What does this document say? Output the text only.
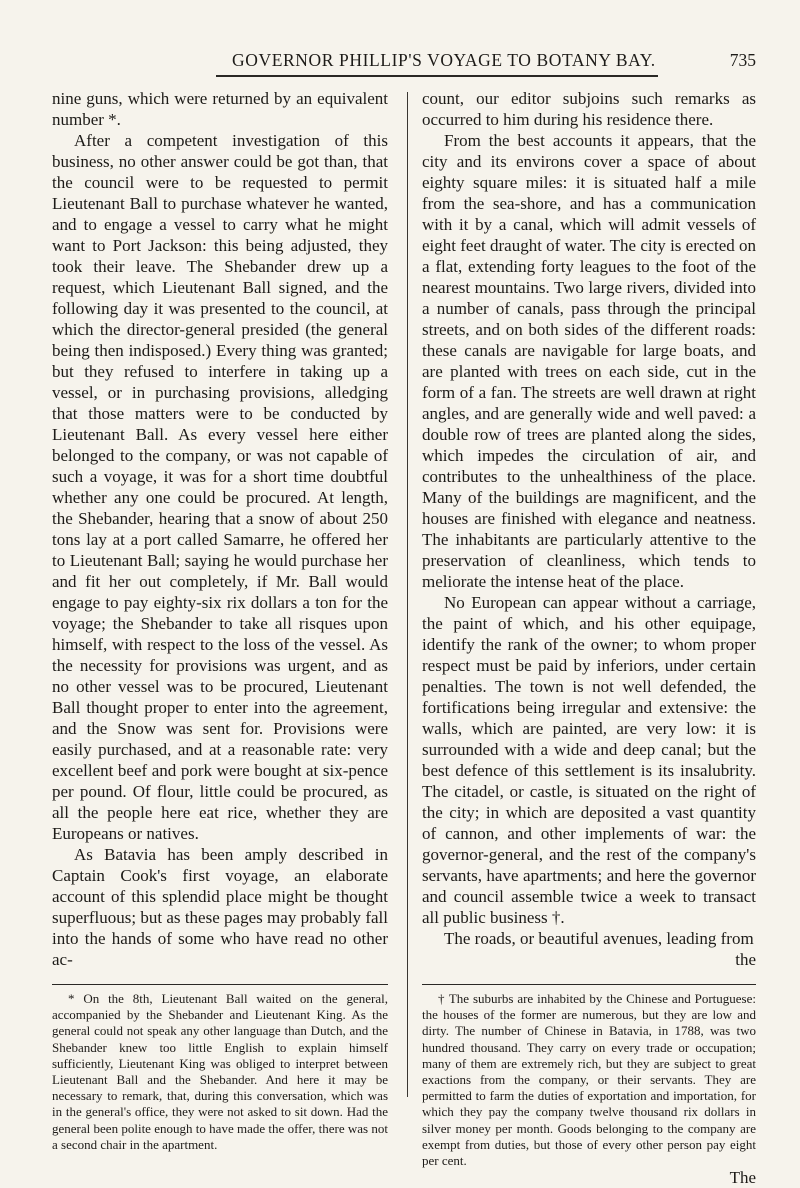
GOVERNOR PHILLIP'S VOYAGE TO BOTANY BAY.	735

nine guns, which were returned by an equivalent number *.

After a competent investigation of this business, no other answer could be got than, that the council were to be requested to permit Lieutenant Ball to purchase whatever he wanted, and to engage a vessel to carry what he might want to Port Jackson: this being adjusted, they took their leave. The Shebander drew up a request, which Lieutenant Ball signed, and the following day it was presented to the council, at which the director-general presided (the general being then indisposed.) Every thing was granted; but they refused to interfere in taking up a vessel, or in purchasing provisions, alledging that those matters were to be conducted by Lieutenant Ball. As every vessel here either belonged to the company, or was not capable of such a voyage, it was for a short time doubtful whether any one could be procured. At length, the Shebander, hearing that a snow of about 250 tons lay at a port called Samarre, he offered her to Lieutenant Ball; saying he would purchase her and fit her out completely, if Mr. Ball would engage to pay eighty-six rix dollars a ton for the voyage; the Shebander to take all risques upon himself, with respect to the loss of the vessel. As the necessity for provisions was urgent, and as no other vessel was to be procured, Lieutenant Ball thought proper to enter into the agreement, and the Snow was sent for. Provisions were easily purchased, and at a reasonable rate: very excellent beef and pork were bought at six-pence per pound. Of flour, little could be procured, as all the people here eat rice, whether they are Europeans or natives.

As Batavia has been amply described in Captain Cook's first voyage, an elaborate account of this splendid place might be thought superfluous; but as these pages may probably fall into the hands of some who have read no other ac-

* On the 8th, Lieutenant Ball waited on the general, accompanied by the Shebander and Lieutenant King. As the general could not speak any other language than Dutch, and the Shebander knew too little English to explain himself sufficiently, Lieutenant King was obliged to interpret between Lieutenant Ball and the Shebander. And here it may be necessary to remark, that, during this conversation, which was in the general's office, they were not asked to sit down. Had the general been polite enough to have made the offer, there was not a second chair in the apartment.

count, our editor subjoins such remarks as occurred to him during his residence there.

From the best accounts it appears, that the city and its environs cover a space of about eighty square miles: it is situated half a mile from the sea-shore, and has a communication with it by a canal, which will admit vessels of eight feet draught of water. The city is erected on a flat, extending forty leagues to the foot of the nearest mountains. Two large rivers, divided into a number of canals, pass through the principal streets, and on both sides of the different roads: these canals are navigable for large boats, and are planted with trees on each side, cut in the form of a fan. The streets are well drawn at right angles, and are generally wide and well paved: a double row of trees are planted along the sides, which impedes the circulation of air, and contributes to the unhealthiness of the place. Many of the buildings are magnificent, and the houses are finished with elegance and neatness. The inhabitants are particularly attentive to the preservation of cleanliness, which tends to meliorate the intense heat of the place.

No European can appear without a carriage, the paint of which, and his other equipage, identify the rank of the owner; to whom proper respect must be paid by inferiors, under certain penalties. The town is not well defended, the fortifications being irregular and extensive: the walls, which are painted, are very low: it is surrounded with a wide and deep canal; but the best defence of this settlement is its insalubrity. The citadel, or castle, is situated on the right of the city; in which are deposited a vast quantity of cannon, and other implements of war: the governor-general, and the rest of the company's servants, have apartments; and here the governor and council assemble twice a week to transact all public business †.

The roads, or beautiful avenues, leading from

the

† The suburbs are inhabited by the Chinese and Portuguese: the houses of the former are numerous, but they are low and dirty. The number of Chinese in Batavia, in 1788, was two hundred thousand. They carry on every trade or occupation; many of them are extremely rich, but they are subject to great exactions from the company, or their servants. They are permitted to farm the duties of exportation and importation, for which they pay the company twelve thousand rix dollars in silver money per month. Goods belonging to the company are exempt from duties, but those of every other person pay eight per cent.

The
